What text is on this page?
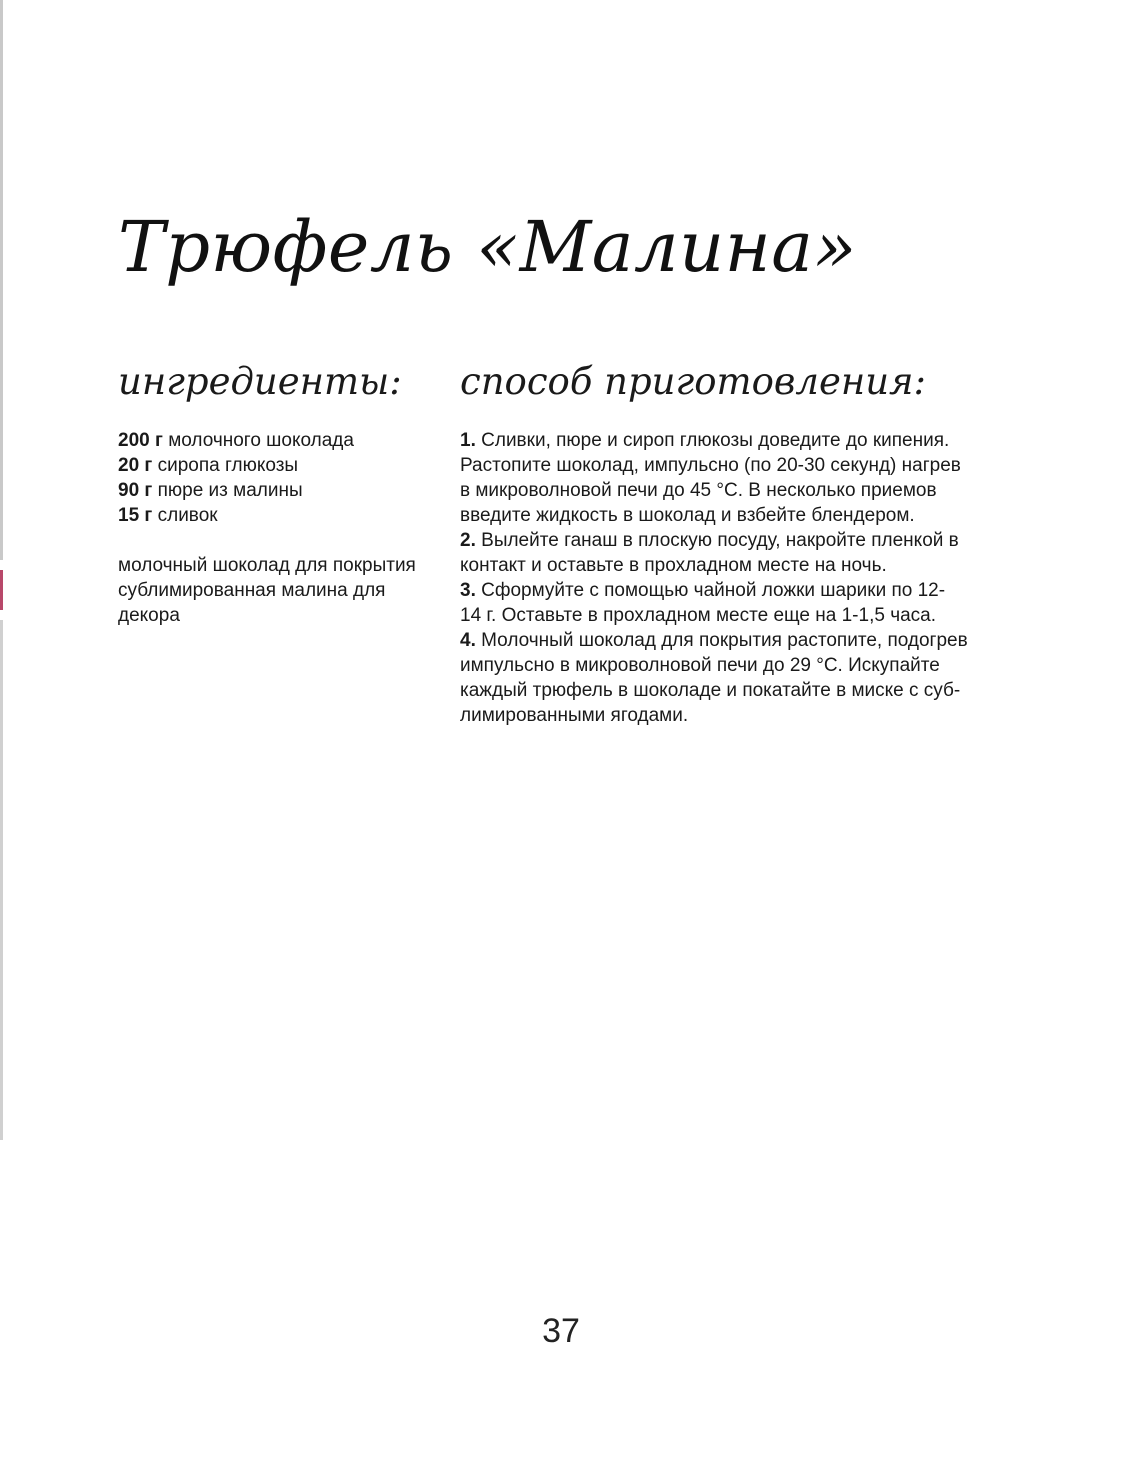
Трюфель «Малина»
ингредиенты: способ приготовления:
200 г молочного шоколада
20 г сиропа глюкозы
90 г пюре из малины
15 г сливок
молочный шоколад для покрытия
сублимированная малина для
декора
1. Сливки, пюре и сироп глюкозы доведите до кипения.
Растопите шоколад, импульсно (по 20-30 секунд) нагрев
в микроволновой печи до 45 °C. В несколько приемов
введите жидкость в шоколад и взбейте блендером.
2. Вылейте ганаш в плоскую посуду, накройте пленкой в
контакт и оставьте в прохладном месте на ночь.
3. Сформуйте с помощью чайной ложки шарики по 12-
14 г. Оставьте в прохладном месте еще на 1-1,5 часа.
4. Молочный шоколад для покрытия растопите, подогрев
импульсно в микроволновой печи до 29 °C. Искупайте
каждый трюфель в шоколаде и покатайте в миске с суб-
лимированными ягодами.
37
